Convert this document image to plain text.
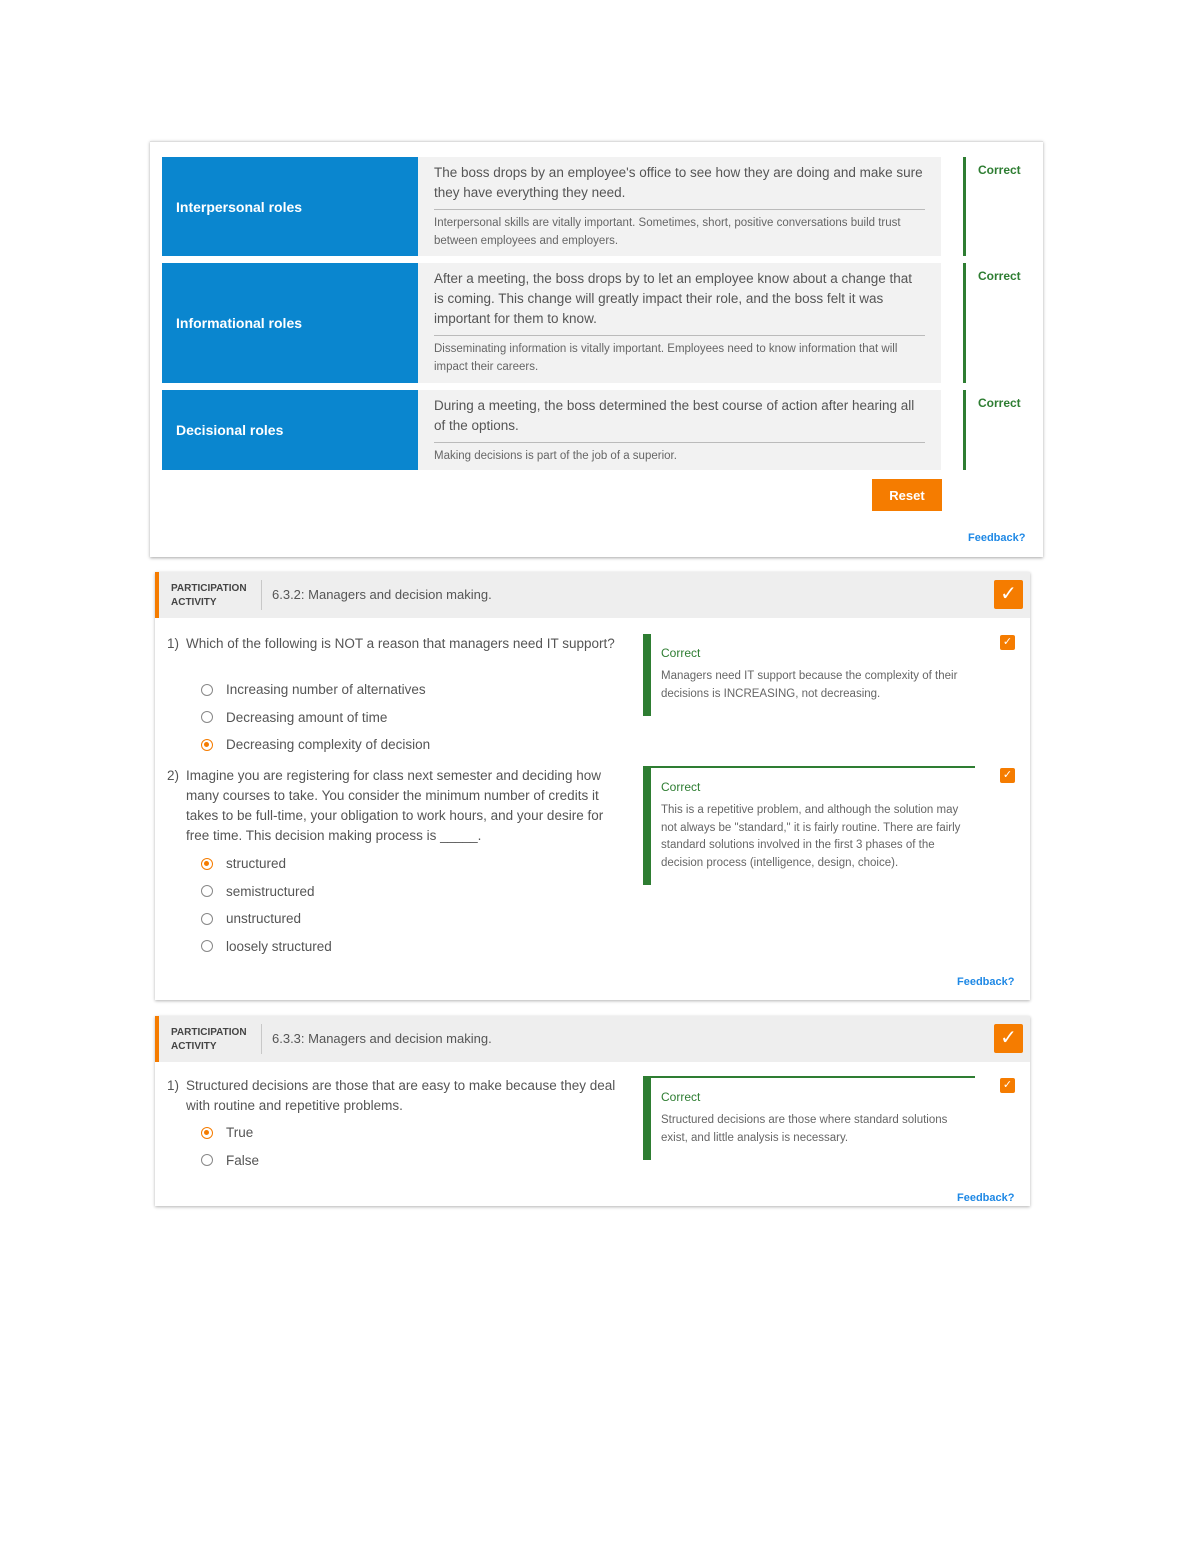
Interpersonal roles
The boss drops by an employee's office to see how they are doing and make sure they have everything they need.
Interpersonal skills are vitally important. Sometimes, short, positive conversations build trust between employees and employers.
Correct
Informational roles
After a meeting, the boss drops by to let an employee know about a change that is coming. This change will greatly impact their role, and the boss felt it was important for them to know.
Disseminating information is vitally important. Employees need to know information that will impact their careers.
Correct
Decisional roles
During a meeting, the boss determined the best course of action after hearing all of the options.
Making decisions is part of the job of a superior.
Correct
Reset
Feedback?
PARTICIPATION ACTIVITY
6.3.2: Managers and decision making.	✓
1) Which of the following is NOT a reason that managers need IT support?
Increasing number of alternatives
Decreasing amount of time
Decreasing complexity of decision
Correct
Managers need IT support because the complexity of their decisions is INCREASING, not decreasing.
✓
2) Imagine you are registering for class next semester and deciding how many courses to take. You consider the minimum number of credits it takes to be full-time, your obligation to work hours, and your desire for free time. This decision making process is _____.
structured
semistructured
unstructured
loosely structured
Correct
This is a repetitive problem, and although the solution may not always be "standard," it is fairly routine. There are fairly standard solutions involved in the first 3 phases of the decision process (intelligence, design, choice).
✓
Feedback?
PARTICIPATION ACTIVITY
6.3.3: Managers and decision making.	✓
1) Structured decisions are those that are easy to make because they deal with routine and repetitive problems.
True
False
Correct
Structured decisions are those where standard solutions exist, and little analysis is necessary.
✓
Feedback?
